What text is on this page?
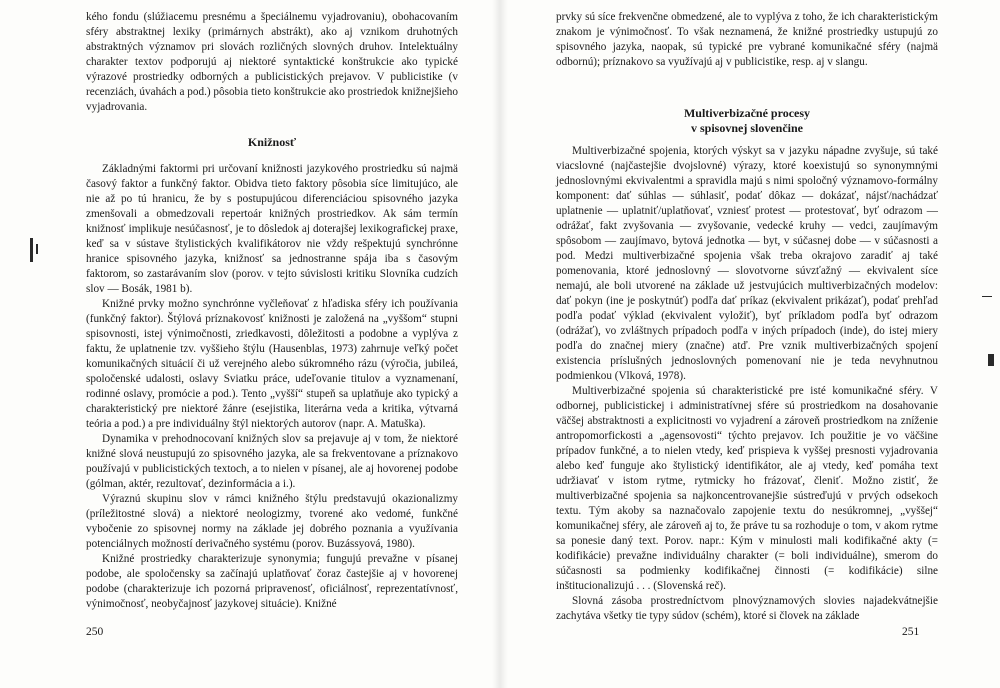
kého fondu (slúžiacemu presnému a špeciálnemu vyjadrovaniu), obohacovaním sféry abstraktnej lexiky (primárnych abstrákt), ako aj vznikom druhotných abstraktných významov pri slovách rozličných slovných druhov. Intelektuálny charakter textov podporujú aj niektoré syntaktické konštrukcie ako typické výrazové prostriedky odborných a publicistických prejavov. V publicistike (v recenziách, úvahách a pod.) pôsobia tieto konštrukcie ako prostriedok knižnejšieho vyjadrovania.

Knižnosť

Základnými faktormi pri určovaní knižnosti jazykového prostriedku sú najmä časový faktor a funkčný faktor. Obidva tieto faktory pôsobia síce limitujúco, ale nie až po tú hranicu, že by s postupujúcou diferenciáciou spisovného jazyka zmenšovali a obmedzovali repertoár knižných prostriedkov. Ak sám termín knižnosť implikuje nesúčasnosť, je to dôsledok aj doterajšej lexikografickej praxe, keď sa v sústave štylistických kvalifikátorov nie vždy rešpektujú synchrónne hranice spisovného jazyka, knižnosť sa jednostranne spája iba s časovým faktorom, so zastarávaním slov (porov. v tejto súvislosti kritiku Slovníka cudzích slov — Bosák, 1981 b).

Knižné prvky možno synchrónne vyčleňovať z hľadiska sféry ich používania (funkčný faktor). Štýlová príznakovosť knižnosti je založená na „vyššom“ stupni spisovnosti, istej výnimočnosti, zriedkavosti, dôležitosti a podobne a vyplýva z faktu, že uplatnenie tzv. vyššieho štýlu (Hausenblas, 1973) zahrnuje veľký počet komunikačných situácií či už verejného alebo súkromného rázu (výročia, jubileá, spoločenské udalosti, oslavy Sviatku práce, udeľovanie titulov a vyznamenaní, rodinné oslavy, promócie a pod.). Tento „vyšší“ stupeň sa uplatňuje ako typický a charakteristický pre niektoré žánre (esejistika, literárna veda a kritika, výtvarná teória a pod.) a pre individuálny štýl niektorých autorov (napr. A. Matuška).

Dynamika v prehodnocovaní knižných slov sa prejavuje aj v tom, že niektoré knižné slová neustupujú zo spisovného jazyka, ale sa frekventovane a príznakovo používajú v publicistických textoch, a to nielen v písanej, ale aj hovorenej podobe (gólman, aktér, rezultovať, dezinformácia a i.).

Výraznú skupinu slov v rámci knižného štýlu predstavujú okazionalizmy (príležitostné slová) a niektoré neologizmy, tvorené ako vedomé, funkčné vybočenie zo spisovnej normy na základe jej dobrého poznania a využívania potenciálnych možností derivačného systému (porov. Buzássyová, 1980).

Knižné prostriedky charakterizuje synonymia; fungujú prevažne v písanej podobe, ale spoločensky sa začínajú uplatňovať čoraz častejšie aj v hovorenej podobe (charakterizuje ich pozorná pripravenosť, oficiálnosť, reprezentatívnosť, výnimočnosť, neobyčajnosť jazykovej situácie). Knižné

250

prvky sú síce frekvenčne obmedzené, ale to vyplýva z toho, že ich charakteristickým znakom je výnimočnosť. To však neznamená, že knižné prostriedky ustupujú zo spisovného jazyka, naopak, sú typické pre vybrané komunikačné sféry (najmä odbornú); príznakovo sa využívajú aj v publicistike, resp. aj v slangu.

Multiverbizačné procesy
v spisovnej slovenčine

Multiverbizačné spojenia, ktorých výskyt sa v jazyku nápadne zvyšuje, sú také viacslovné (najčastejšie dvojslovné) výrazy, ktoré koexistujú so synonymnými jednoslovnými ekvivalentmi a spravidla majú s nimi spoločný významovo-formálny komponent: dať súhlas — súhlasiť, podať dôkaz — dokázať, nájsť/nachádzať uplatnenie — uplatniť/uplatňovať, vzniesť protest — protestovať, byť odrazom — odrážať, fakt zvyšovania — zvyšovanie, vedecké kruhy — vedci, zaujímavým spôsobom — zaujímavo, bytová jednotka — byt, v súčasnej dobe — v súčasnosti a pod. Medzi multiverbizačné spojenia však treba okrajovo zaradiť aj také pomenovania, ktoré jednoslovný — slovotvorne súvzťažný — ekvivalent síce nemajú, ale boli utvorené na základe už jestvujúcich multiverbizačných modelov: dať pokyn (ine je poskytnúť) podľa dať príkaz (ekvivalent prikázať), podať prehľad podľa podať výklad (ekvivalent vyložiť), byť príkladom podľa byť odrazom (odrážať), vo zvláštnych prípadoch podľa v iných prípadoch (inde), do istej miery podľa do značnej miery (značne) atď. Pre vznik multiverbizačných spojení existencia príslušných jednoslovných pomenovaní nie je teda nevyhnutnou podmienkou (Vlková, 1978).

Multiverbizačné spojenia sú charakteristické pre isté komunikačné sféry. V odbornej, publicistickej i administratívnej sfére sú prostriedkom na dosahovanie väčšej abstraktnosti a explicitnosti vo vyjadrení a zároveň prostriedkom na zníženie antropomorfickosti a „agensovosti“ týchto prejavov. Ich použitie je vo väčšine prípadov funkčné, a to nielen vtedy, keď prispieva k vyššej presnosti vyjadrovania alebo keď funguje ako štylistický identifikátor, ale aj vtedy, keď pomáha text udržiavať v istom rytme, rytmicky ho frázovať, členiť. Možno zistiť, že multiverbizačné spojenia sa najkoncentrovanejšie sústreďujú v prvých odsekoch textu. Tým akoby sa naznačovalo zapojenie textu do nesúkromnej, „vyššej“ komunikačnej sféry, ale zároveň aj to, že práve tu sa rozhoduje o tom, v akom rytme sa ponesie daný text. Porov. napr.: Kým v minulosti mali kodifikačné akty (= kodifikácie) prevažne individuálny charakter (= boli individuálne), smerom do súčasnosti sa podmienky kodifikačnej činnosti (= kodifikácie) silne inštitucionalizujú . . . (Slovenská reč).

Slovná zásoba prostredníctvom plnovýznamových slovies najadekvátnejšie zachytáva všetky tie typy súdov (schém), ktoré si človek na základe

251
